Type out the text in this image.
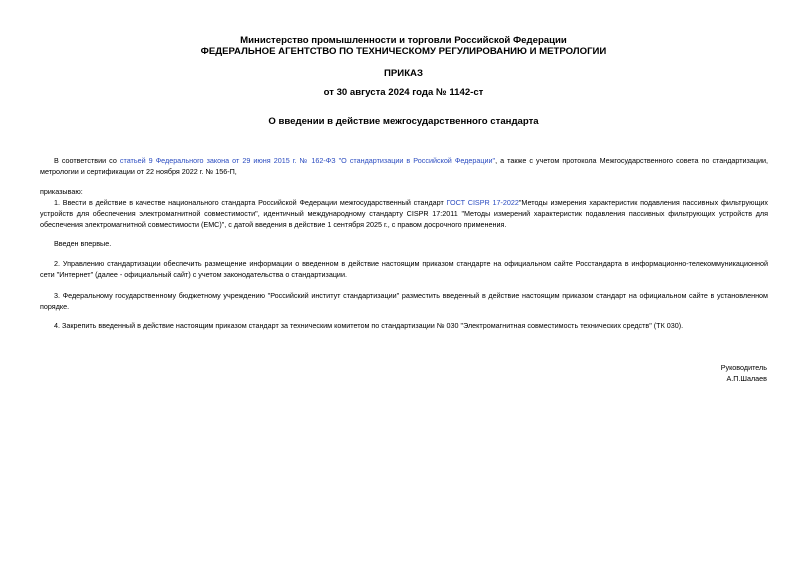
Министерство промышленности и торговли Российской Федерации
ФЕДЕРАЛЬНОЕ АГЕНТСТВО ПО ТЕХНИЧЕСКОМУ РЕГУЛИРОВАНИЮ И МЕТРОЛОГИИ
ПРИКАЗ
от 30 августа 2024 года № 1142-ст
О введении в действие межгосударственного стандарта
В соответствии со статьей 9 Федерального закона от 29 июня 2015 г. № 162-ФЗ "О стандартизации в Российской Федерации", а также с учетом протокола Межгосударственного совета по стандартизации, метрологии и сертификации от 22 ноября 2022 г. № 156-П,
приказываю:
1. Ввести в действие в качестве национального стандарта Российской Федерации межгосударственный стандарт ГОСТ CISPR 17-2022"Методы измерения характеристик подавления пассивных фильтрующих устройств для обеспечения электромагнитной совместимости", идентичный международному стандарту CISPR 17:2011 "Методы измерений характеристик подавления пассивных фильтрующих устройств для обеспечения электромагнитной совместимости (ЕМС)", с датой введения в действие 1 сентября 2025 г., с правом досрочного применения.
Введен впервые.
2. Управлению стандартизации обеспечить размещение информации о введенном в действие настоящим приказом стандарте на официальном сайте Росстандарта в информационно-телекоммуникационной сети "Интернет" (далее - официальный сайт) с учетом законодательства о стандартизации.
3. Федеральному государственному бюджетному учреждению "Российский институт стандартизации" разместить введенный в действие настоящим приказом стандарт на официальном сайте в установленном порядке.
4. Закрепить введенный в действие настоящим приказом стандарт за техническим комитетом по стандартизации № 030 "Электромагнитная совместимость технических средств" (ТК 030).
Руководитель
А.П.Шалаев
